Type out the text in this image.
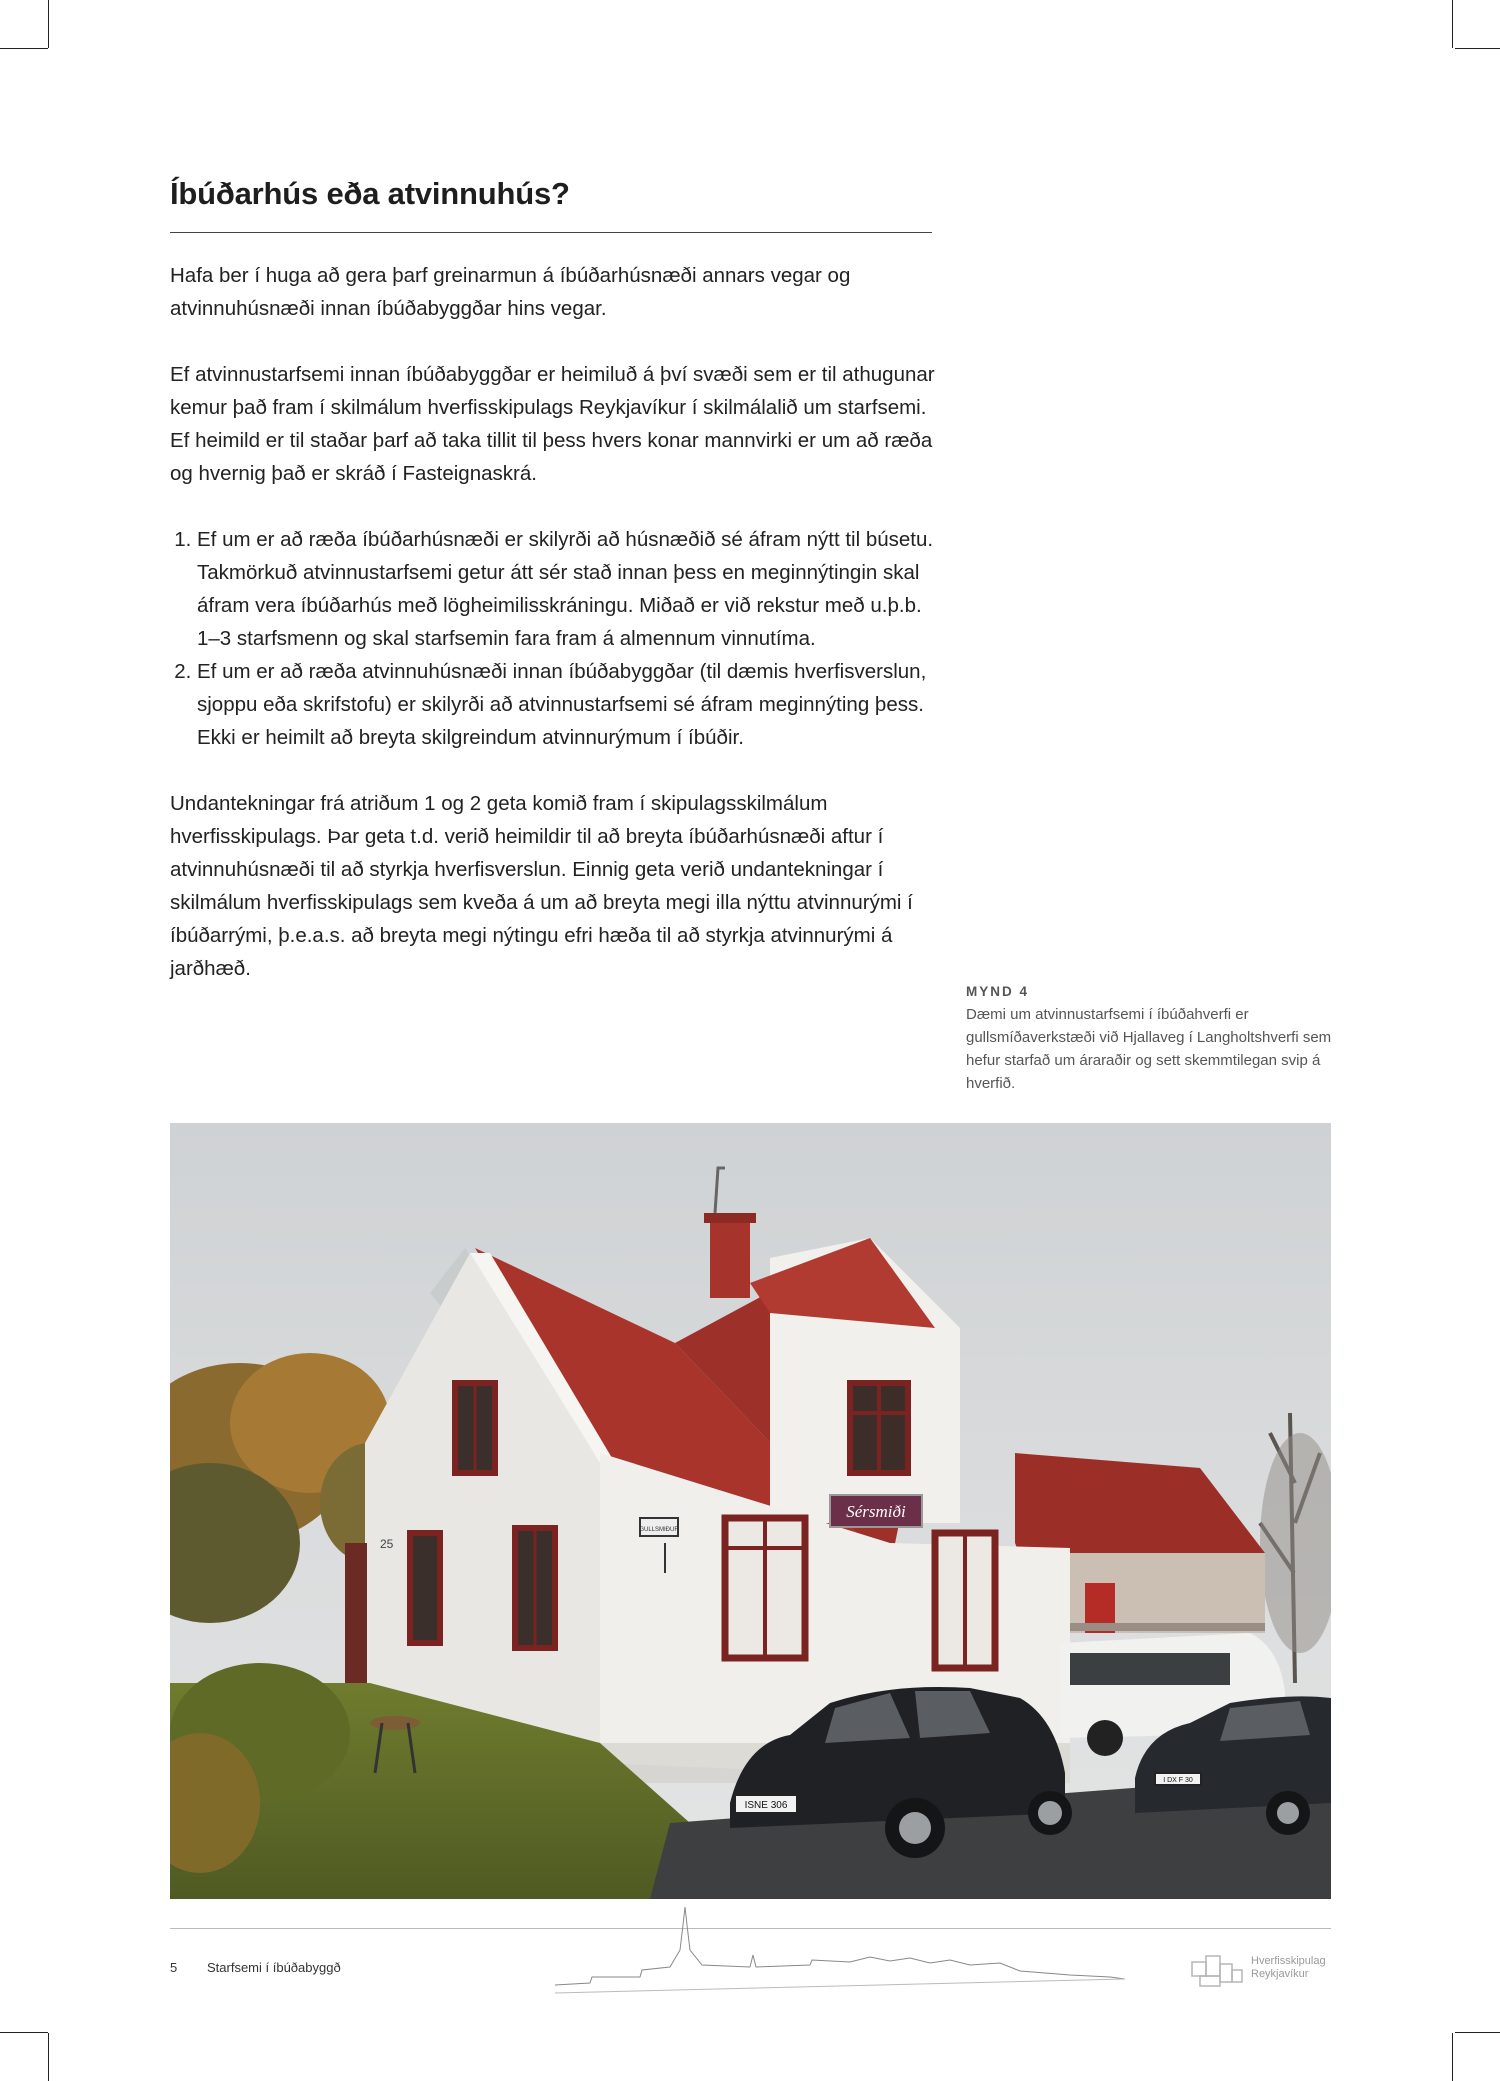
Íbúðarhús eða atvinnuhús?

Hafa ber í huga að gera þarf greinarmun á íbúðarhúsnæði annars vegar og atvinnuhúsnæði innan íbúðabyggðar hins vegar.

Ef atvinnustarfsemi innan íbúðabyggðar er heimiluð á því svæði sem er til athugunar kemur það fram í skilmálum hverfisskipulags Reykjavíkur í skilmálalið um starfsemi. Ef heimild er til staðar þarf að taka tillit til þess hvers konar mannvirki er um að ræða og hvernig það er skráð í Fasteignaskrá.

1. Ef um er að ræða íbúðarhúsnæði er skilyrði að húsnæðið sé áfram nýtt til búsetu. Takmörkuð atvinnustarfsemi getur átt sér stað innan þess en meginnýtingin skal áfram vera íbúðarhús með lögheimilisskráningu. Miðað er við rekstur með u.þ.b. 1–3 starfsmenn og skal starfsemin fara fram á almennum vinnutíma.
2. Ef um er að ræða atvinnuhúsnæði innan íbúðabyggðar (til dæmis hverfisverslun, sjoppu eða skrifstofu) er skilyrði að atvinnustarfsemi sé áfram meginnýting þess. Ekki er heimilt að breyta skilgreindum atvinnurýmum í íbúðir.

Undantekningar frá atriðum 1 og 2 geta komið fram í skipulagsskilmálum hverfisskipulags. Þar geta t.d. verið heimildir til að breyta íbúðarhúsnæði aftur í atvinnuhúsnæði til að styrkja hverfisverslun. Einnig geta verið undantekningar í skilmálum hverfisskipulags sem kveða á um að breyta megi illa nýttu atvinnurými í íbúðarrými, þ.e.a.s. að breyta megi nýtingu efri hæða til að styrkja atvinnurými á jarðhæð.

MYND 4
Dæmi um atvinnustarfsemi í íbúðahverfi er gullsmíðaverkstæði við Hjallaveg í Langholtshverfi sem hefur starfað um áraraðir og sett skemmtilegan svip á hverfið.
25
Sérsmiði
GULLSMIÐUR
ISNE 306
I DX F 30
5 Starfsemi í íbúðabyggð	Hverfisskipulag
Reykjavíkur
